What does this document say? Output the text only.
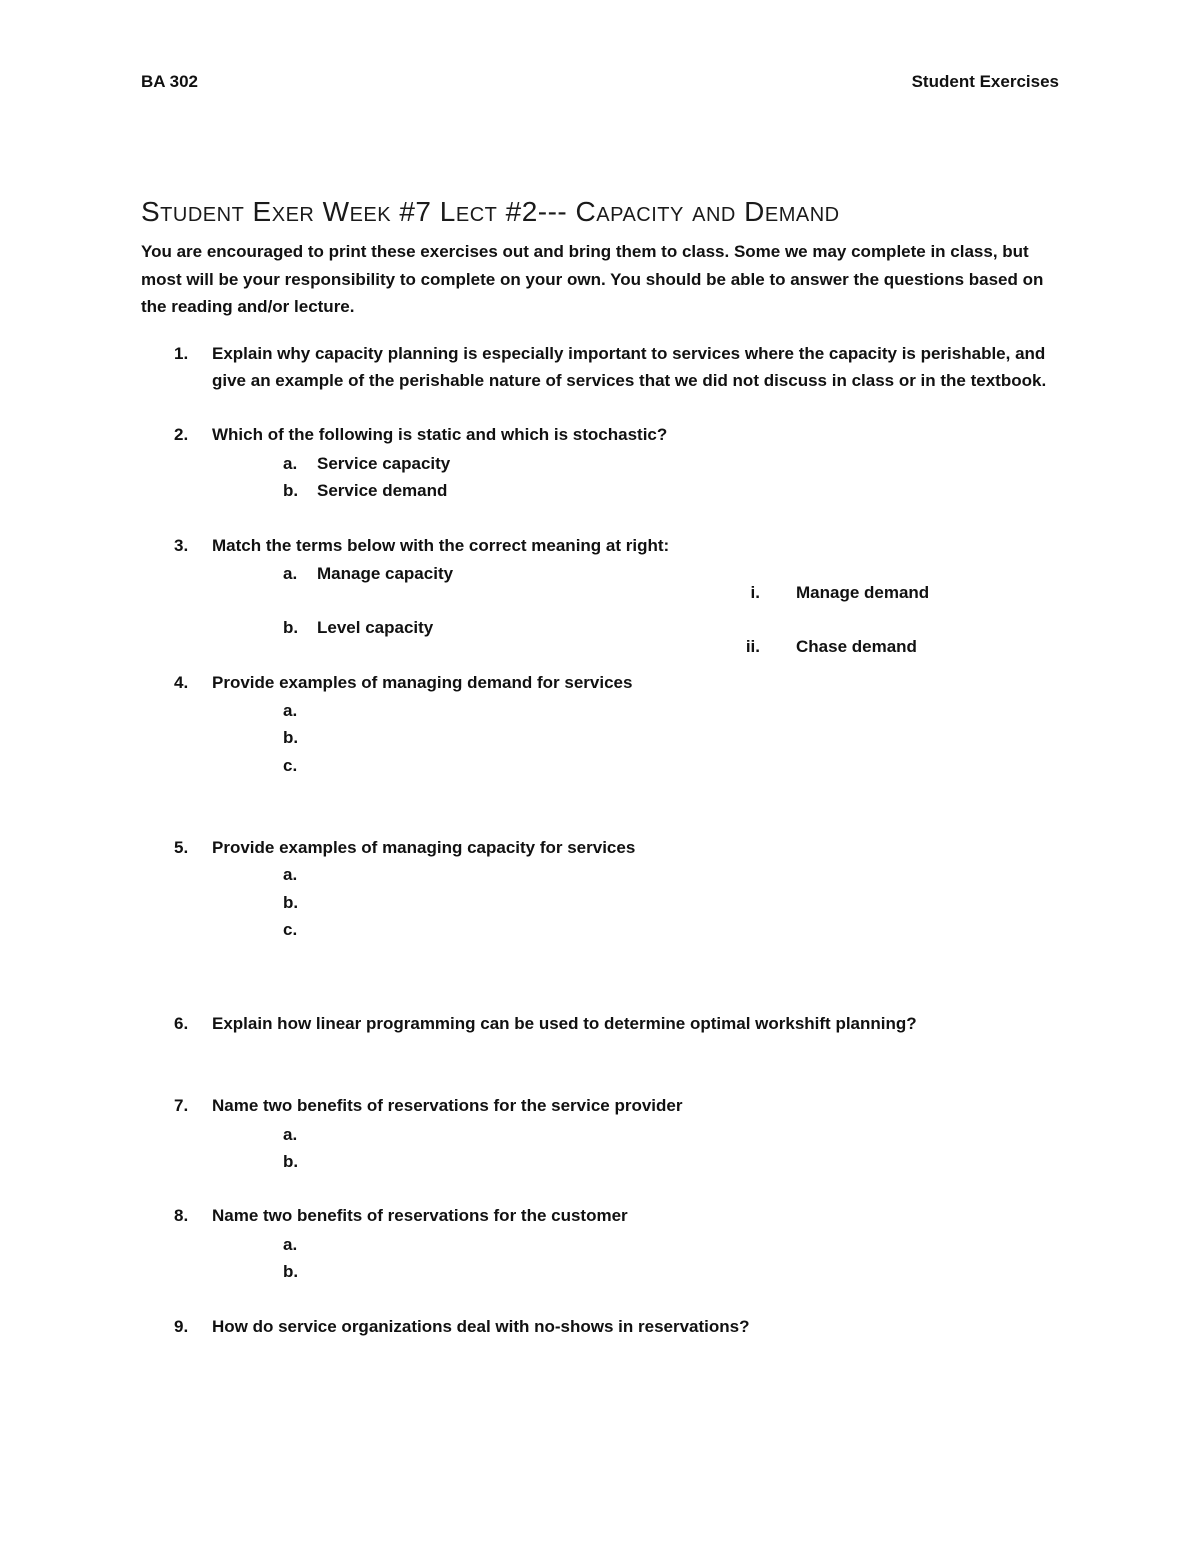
BA 302	Student Exercises
Student Exer Week #7 Lect #2--- Capacity and Demand
You are encouraged to print these exercises out and bring them to class. Some we may complete in class, but most will be your responsibility to complete on your own. You should be able to answer the questions based on the reading and/or lecture.
1. Explain why capacity planning is especially important to services where the capacity is perishable, and give an example of the perishable nature of services that we did not discuss in class or in the textbook.
2. Which of the following is static and which is stochastic?
a. Service capacity
b. Service demand
3. Match the terms below with the correct meaning at right:
a. Manage capacity
b. Level capacity
i. Manage demand
ii. Chase demand
4. Provide examples of managing demand for services
a.
b.
c.
5. Provide examples of managing capacity for services
a.
b.
c.
6. Explain how linear programming can be used to determine optimal workshift planning?
7. Name two benefits of reservations for the service provider
a.
b.
8. Name two benefits of reservations for the customer
a.
b.
9. How do service organizations deal with no-shows in reservations?
